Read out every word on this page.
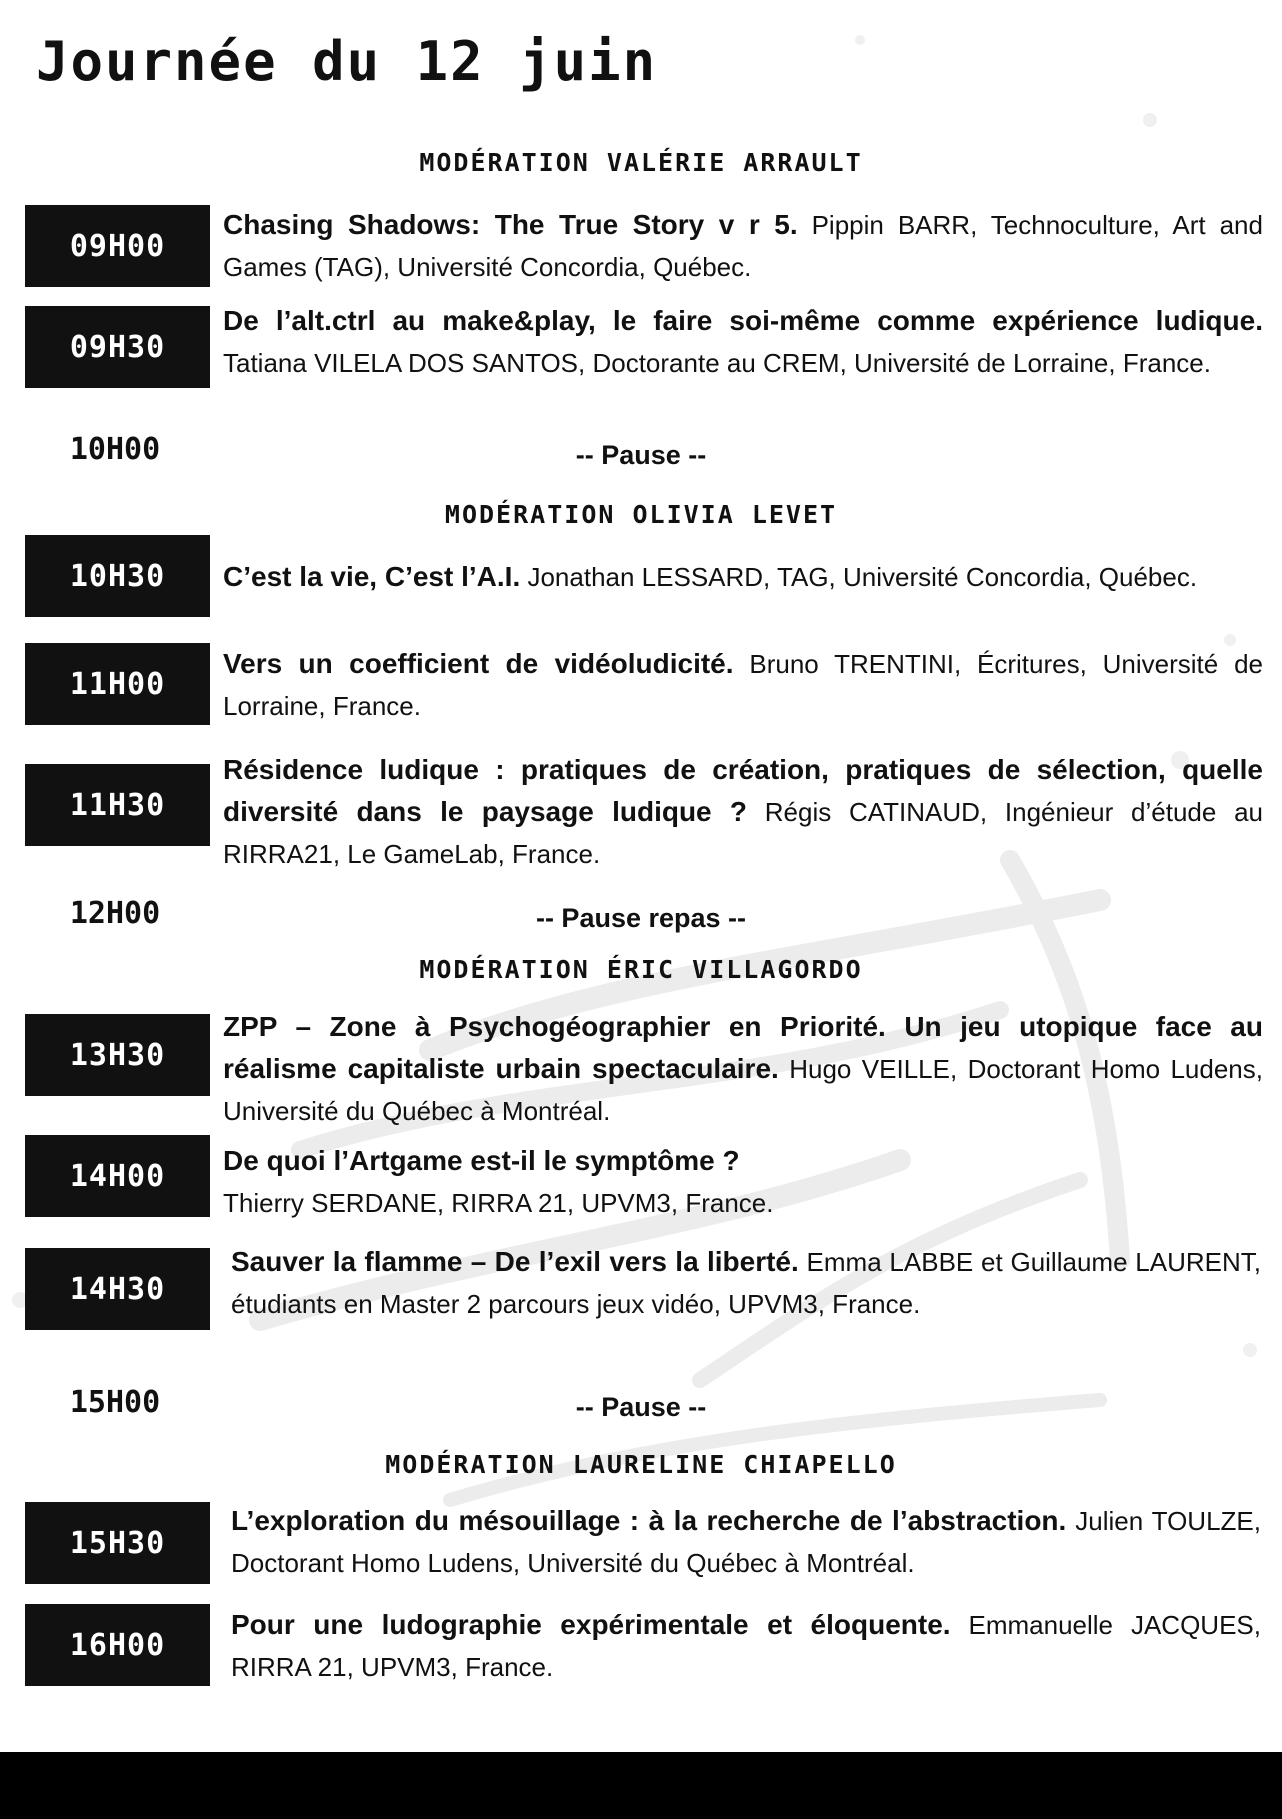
Journée du 12 juin
MODÉRATION VALÉRIE ARRAULT
09H00
Chasing Shadows: The True Story v r 5. Pippin BARR, Technoculture, Art and Games (TAG), Université Concordia, Québec.
09H30
De l’alt.ctrl au make&play, le faire soi-même comme expérience ludique. Tatiana VILELA DOS SANTOS, Doctorante au CREM, Université de Lorraine, France.
10H00	-- Pause --
MODÉRATION OLIVIA LEVET
10H30	C’est la vie, C’est l’A.I. Jonathan LESSARD, TAG, Université Concordia, Québec.
11H00
Vers un coefficient de vidéoludicité. Bruno TRENTINI, Écritures, Université de Lorraine, France.
11H30
Résidence ludique : pratiques de création, pratiques de sélection, quelle diversité dans le paysage ludique ? Régis CATINAUD, Ingénieur d’étude au RIRRA21, Le GameLab, France.
12H00	-- Pause repas --
MODÉRATION ÉRIC VILLAGORDO
13H30
ZPP – Zone à Psychogéographier en Priorité. Un jeu utopique face au réalisme capitaliste urbain spectaculaire. Hugo VEILLE, Doctorant Homo Ludens, Université du Québec à Montréal.
14H00	De quoi l’Artgame est-il le symptôme ?
Thierry SERDANE, RIRRA 21, UPVM3, France.
14H30
Sauver la flamme – De l’exil vers la liberté. Emma LABBE et Guillaume LAURENT, étudiants en Master 2 parcours jeux vidéo, UPVM3, France.
15H00	-- Pause --
MODÉRATION LAURELINE CHIAPELLO
15H30
L’exploration du mésouillage : à la recherche de l’abstraction. Julien TOULZE, Doctorant Homo Ludens, Université du Québec à Montréal.
16H00
Pour une ludographie expérimentale et éloquente. Emmanuelle JACQUES, RIRRA 21, UPVM3, France.
